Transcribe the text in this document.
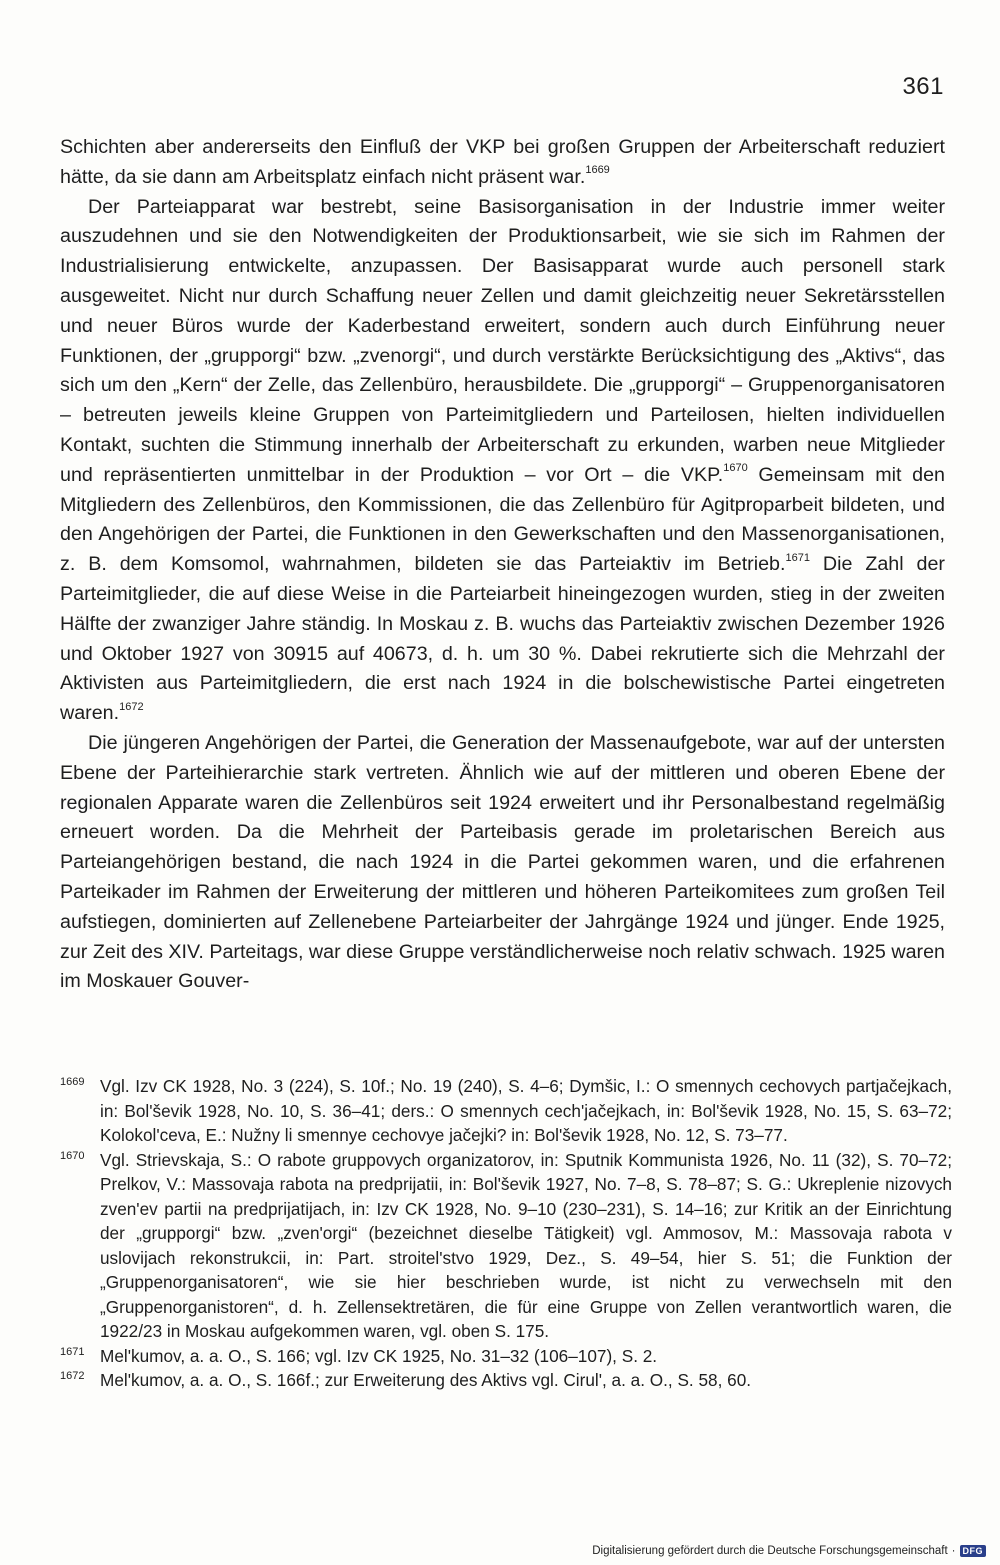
361

Schichten aber andererseits den Einfluß der VKP bei großen Gruppen der Arbeiterschaft reduziert hätte, da sie dann am Arbeitsplatz einfach nicht präsent war.$^{1669}$

Der Parteiapparat war bestrebt, seine Basisorganisation in der Industrie immer weiter auszudehnen und sie den Notwendigkeiten der Produktionsarbeit, wie sie sich im Rahmen der Industrialisierung entwickelte, anzupassen. Der Basisapparat wurde auch personell stark ausgeweitet. Nicht nur durch Schaffung neuer Zellen und damit gleichzeitig neuer Sekretärsstellen und neuer Büros wurde der Kaderbestand erweitert, sondern auch durch Einführung neuer Funktionen, der „grupporgi“ bzw. „zvenorgi“, und durch verstärkte Berücksichtigung des „Aktivs“, das sich um den „Kern“ der Zelle, das Zellenbüro, herausbildete. Die „grupporgi“ – Gruppenorganisatoren – betreuten jeweils kleine Gruppen von Parteimitgliedern und Parteilosen, hielten individuellen Kontakt, suchten die Stimmung innerhalb der Arbeiterschaft zu erkunden, warben neue Mitglieder und repräsentierten unmittelbar in der Produktion – vor Ort – die VKP.$^{1670}$ Gemeinsam mit den Mitgliedern des Zellenbüros, den Kommissionen, die das Zellenbüro für Agitproparbeit bildeten, und den Angehörigen der Partei, die Funktionen in den Gewerkschaften und den Massenorganisationen, z. B. dem Komsomol, wahrnahmen, bildeten sie das Parteiaktiv im Betrieb.$^{1671}$ Die Zahl der Parteimitglieder, die auf diese Weise in die Parteiarbeit hineingezogen wurden, stieg in der zweiten Hälfte der zwanziger Jahre ständig. In Moskau z. B. wuchs das Parteiaktiv zwischen Dezember 1926 und Oktober 1927 von 30915 auf 40673, d. h. um 30 %. Dabei rekrutierte sich die Mehrzahl der Aktivisten aus Parteimitgliedern, die erst nach 1924 in die bolschewistische Partei eingetreten waren.$^{1672}$

Die jüngeren Angehörigen der Partei, die Generation der Massenaufgebote, war auf der untersten Ebene der Parteihierarchie stark vertreten. Ähnlich wie auf der mittleren und oberen Ebene der regionalen Apparate waren die Zellenbüros seit 1924 erweitert und ihr Personalbestand regelmäßig erneuert worden. Da die Mehrheit der Parteibasis gerade im proletarischen Bereich aus Parteiangehörigen bestand, die nach 1924 in die Partei gekommen waren, und die erfahrenen Parteikader im Rahmen der Erweiterung der mittleren und höheren Parteikomitees zum großen Teil aufstiegen, dominierten auf Zellenebene Parteiarbeiter der Jahrgänge 1924 und jünger. Ende 1925, zur Zeit des XIV. Parteitags, war diese Gruppe verständlicherweise noch relativ schwach. 1925 waren im Moskauer Gouver-

1669 Vgl. Izv CK 1928, No. 3 (224), S. 10f.; No. 19 (240), S. 4–6; Dymšic, I.: O smennych cechovych partjačejkach, in: Bol'ševik 1928, No. 10, S. 36–41; ders.: O smennych cech'jačejkach, in: Bol'ševik 1928, No. 15, S. 63–72; Kolokol'ceva, E.: Nužny li smennye cechovye jačejki? in: Bol'ševik 1928, No. 12, S. 73–77.
1670 Vgl. Strievskaja, S.: O rabote gruppovych organizatorov, in: Sputnik Kommunista 1926, No. 11 (32), S. 70–72; Prelkov, V.: Massovaja rabota na predprijatii, in: Bol'ševik 1927, No. 7–8, S. 78–87; S. G.: Ukreplenie nizovych zven'ev partii na predprijatijach, in: Izv CK 1928, No. 9–10 (230–231), S. 14–16; zur Kritik an der Einrichtung der „grupporgi“ bzw. „zven'orgi“ (bezeichnet dieselbe Tätigkeit) vgl. Ammosov, M.: Massovaja rabota v uslovijach rekonstrukcii, in: Part. stroitel'stvo 1929, Dez., S. 49–54, hier S. 51; die Funktion der „Gruppenorganisatoren“, wie sie hier beschrieben wurde, ist nicht zu verwechseln mit den „Gruppenorganistoren“, d. h. Zellensektretären, die für eine Gruppe von Zellen verantwortlich waren, die 1922/23 in Moskau aufgekommen waren, vgl. oben S. 175.
1671 Mel'kumov, a. a. O., S. 166; vgl. Izv CK 1925, No. 31–32 (106–107), S. 2.
1672 Mel'kumov, a. a. O., S. 166f.; zur Erweiterung des Aktivs vgl. Cirul', a. a. O., S. 58, 60.
Digitalisierung gefördert durch die Deutsche Forschungsgemeinschaft · DFG
